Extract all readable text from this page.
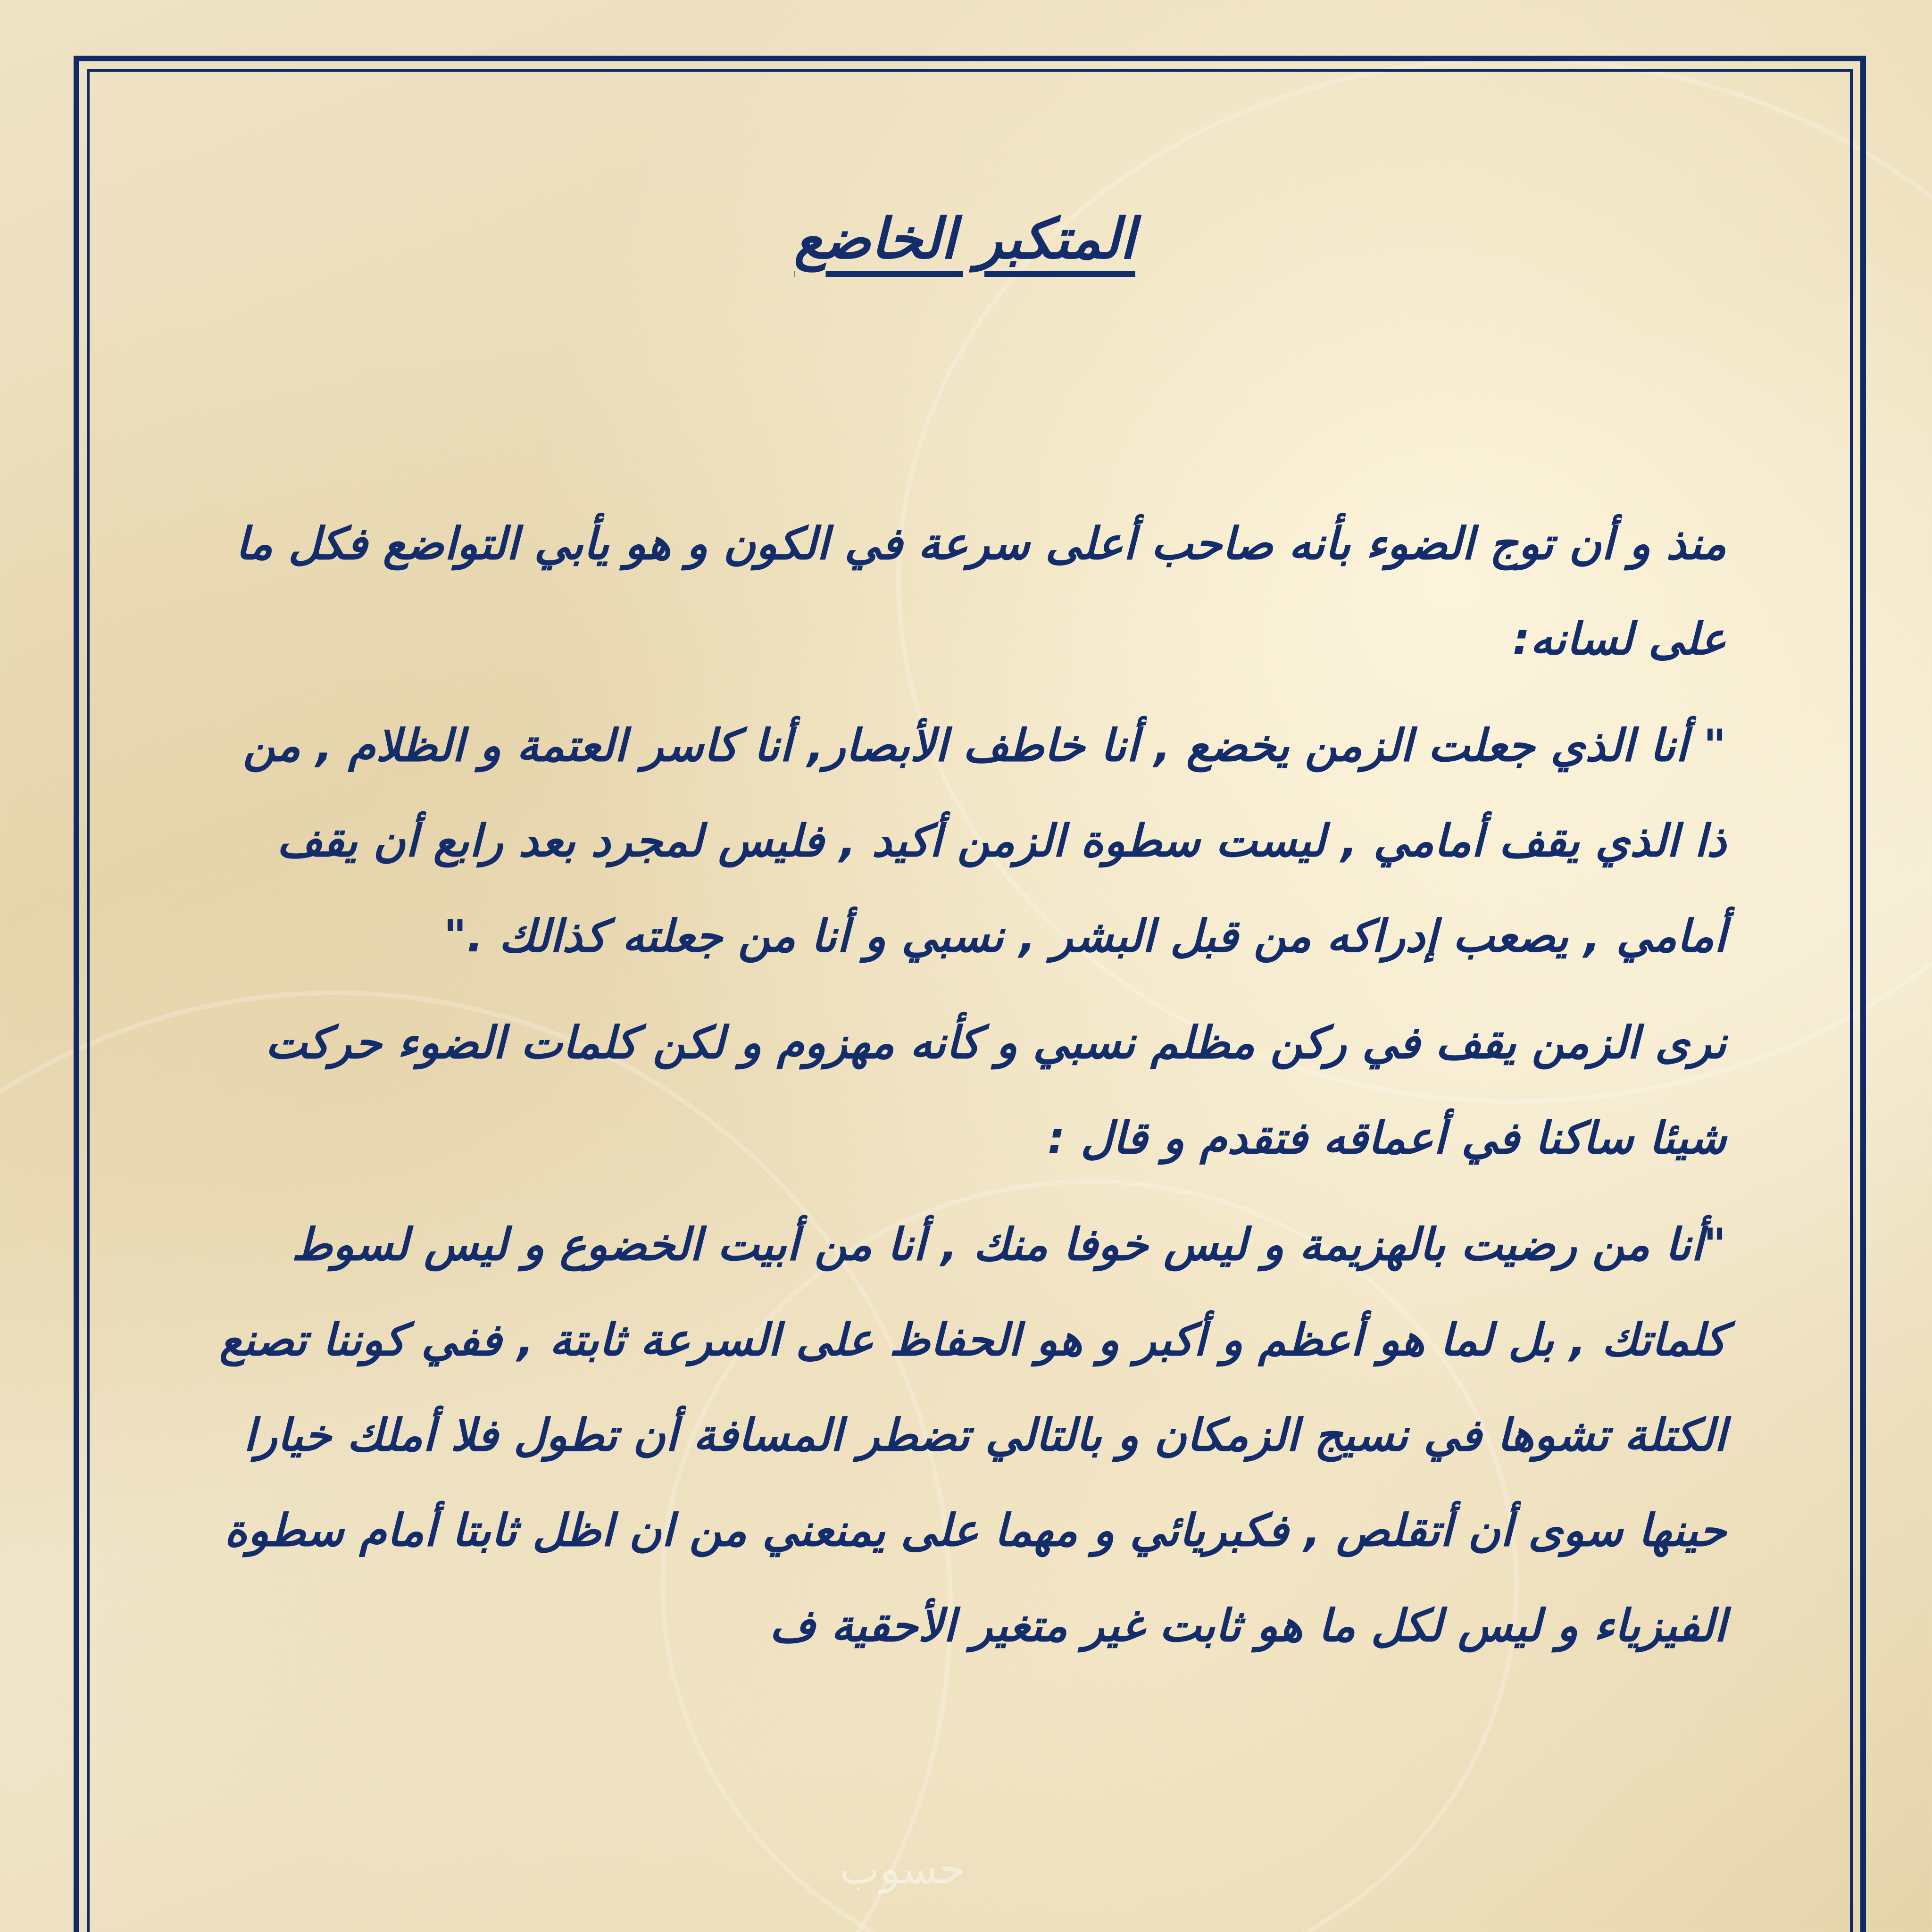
المتكبر الخاضع

منذ و أن توج الضوء بأنه صاحب أعلى سرعة في الكون و هو يأبي التواضع فكل ما على لسانه:

" أنا الذي جعلت الزمن يخضع , أنا خاطف الأبصار, أنا كاسر العتمة و الظلام , من ذا الذي يقف أمامي , ليست سطوة الزمن أكيد , فليس لمجرد بعد رابع أن يقف أمامي , يصعب إدراكه من قبل البشر , نسبي و أنا من جعلته كذالك ."

نرى الزمن يقف في ركن مظلم نسبي و كأنه مهزوم و لكن كلمات الضوء حركت شيئا ساكنا في أعماقه فتقدم و قال :

"أنا من رضيت بالهزيمة و ليس خوفا منك , أنا من أبيت الخضوع و ليس لسوط كلماتك , بل لما هو أعظم و أكبر و هو الحفاظ على السرعة ثابتة , ففي كوننا تصنع الكتلة تشوها في نسيج الزمكان و بالتالي تضطر المسافة أن تطول فلا أملك خيارا حينها سوى أن أتقلص , فكبريائي و مهما على يمنعني من ان اظل ثابتا أمام سطوة الفيزياء و ليس لكل ما هو ثابت غير متغير الأحقية ف

حسوب
